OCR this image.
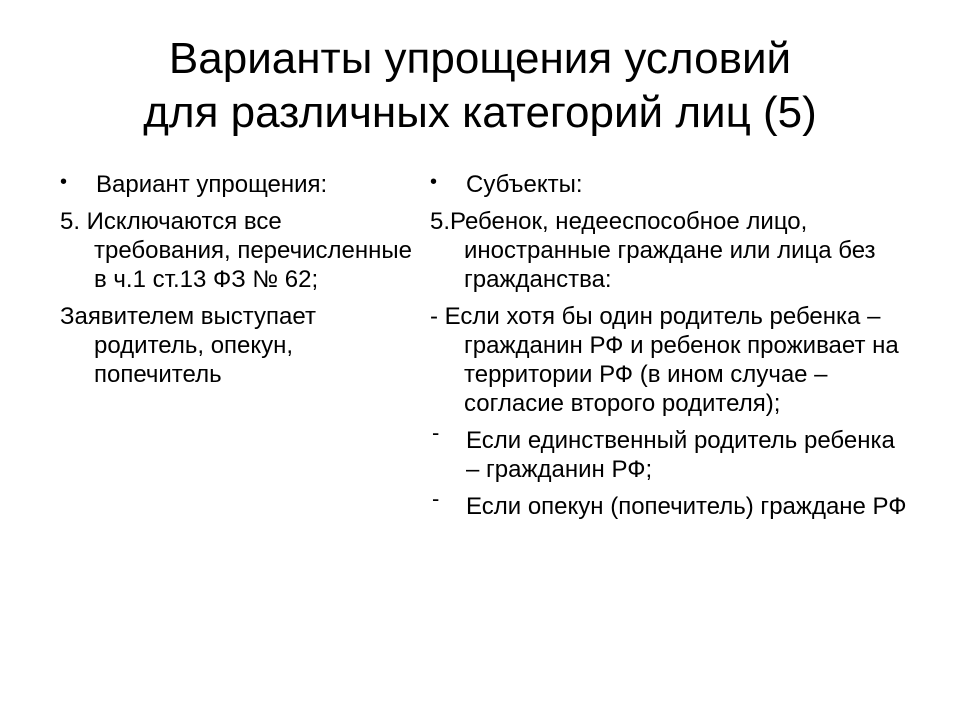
Варианты упрощения условий
для различных категорий лиц (5)
• Вариант упрощения:
5. Исключаются все требования, перечисленные в ч.1 ст.13 ФЗ № 62;
Заявителем выступает родитель, опекун, попечитель
• Субъекты:
5.Ребенок, недееспособное лицо, иностранные граждане или лица без гражданства:
- Если хотя бы один родитель ребенка – гражданин РФ и ребенок проживает на территории РФ (в ином случае – согласие второго родителя);
- Если единственный родитель ребенка – гражданин РФ;
- Если опекун (попечитель) граждане РФ
